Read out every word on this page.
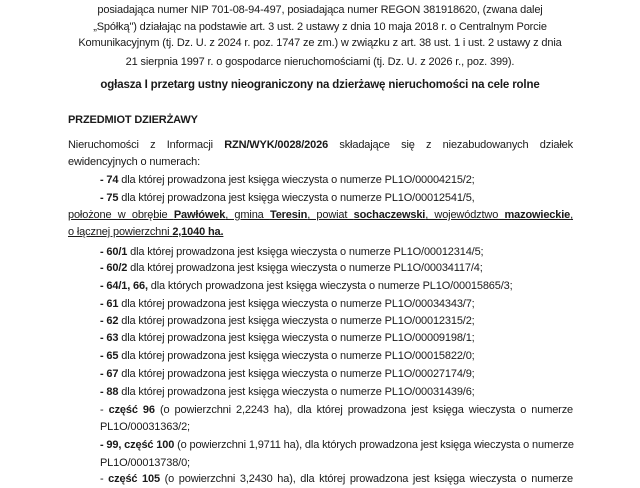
posiadająca numer NIP 701-08-94-497, posiadająca numer REGON 381918620, (zwana dalej
„Spółką") działając na podstawie art. 3 ust. 2 ustawy z dnia 10 maja 2018 r. o Centralnym Porcie
Komunikacyjnym (tj. Dz. U. z 2024 r. poz. 1747 ze zm.) w związku z art. 38 ust. 1 i ust. 2 ustawy z dnia
21 sierpnia 1997 r. o gospodarce nieruchomościami (tj. Dz. U. z 2026 r., poz. 399).
ogłasza I przetarg ustny nieograniczony na dzierżawę nieruchomości na cele rolne
PRZEDMIOT DZIERŻAWY
Nieruchomości z Informacji RZN/WYK/0028/2026 składające się z niezabudowanych działek
ewidencyjnych o numerach:
- 74 dla której prowadzona jest księga wieczysta o numerze PL1O/00004215/2;
- 75 dla której prowadzona jest księga wieczysta o numerze PL1O/00012541/5,
położone w obrębie Pawłówek, gmina Teresin, powiat sochaczewski, województwo mazowieckie,
o łącznej powierzchni 2,1040 ha.
- 60/1 dla której prowadzona jest księga wieczysta o numerze PL1O/00012314/5;
- 60/2 dla której prowadzona jest księga wieczysta o numerze PL1O/00034117/4;
- 64/1, 66, dla których prowadzona jest księga wieczysta o numerze PL1O/00015865/3;
- 61 dla której prowadzona jest księga wieczysta o numerze PL1O/00034343/7;
- 62 dla której prowadzona jest księga wieczysta o numerze PL1O/00012315/2;
- 63 dla której prowadzona jest księga wieczysta o numerze PL1O/00009198/1;
- 65 dla której prowadzona jest księga wieczysta o numerze PL1O/00015822/0;
- 67 dla której prowadzona jest księga wieczysta o numerze PL1O/00027174/9;
- 88 dla której prowadzona jest księga wieczysta o numerze PL1O/00031439/6;
- część 96 (o powierzchni 2,2243 ha), dla której prowadzona jest księga wieczysta o numerze
PL1O/00031363/2;
- 99, część 100 (o powierzchni 1,9711 ha), dla których prowadzona jest księga wieczysta o numerze
PL1O/00013738/0;
- część 105 (o powierzchni 3,2430 ha), dla której prowadzona jest księga wieczysta o numerze
